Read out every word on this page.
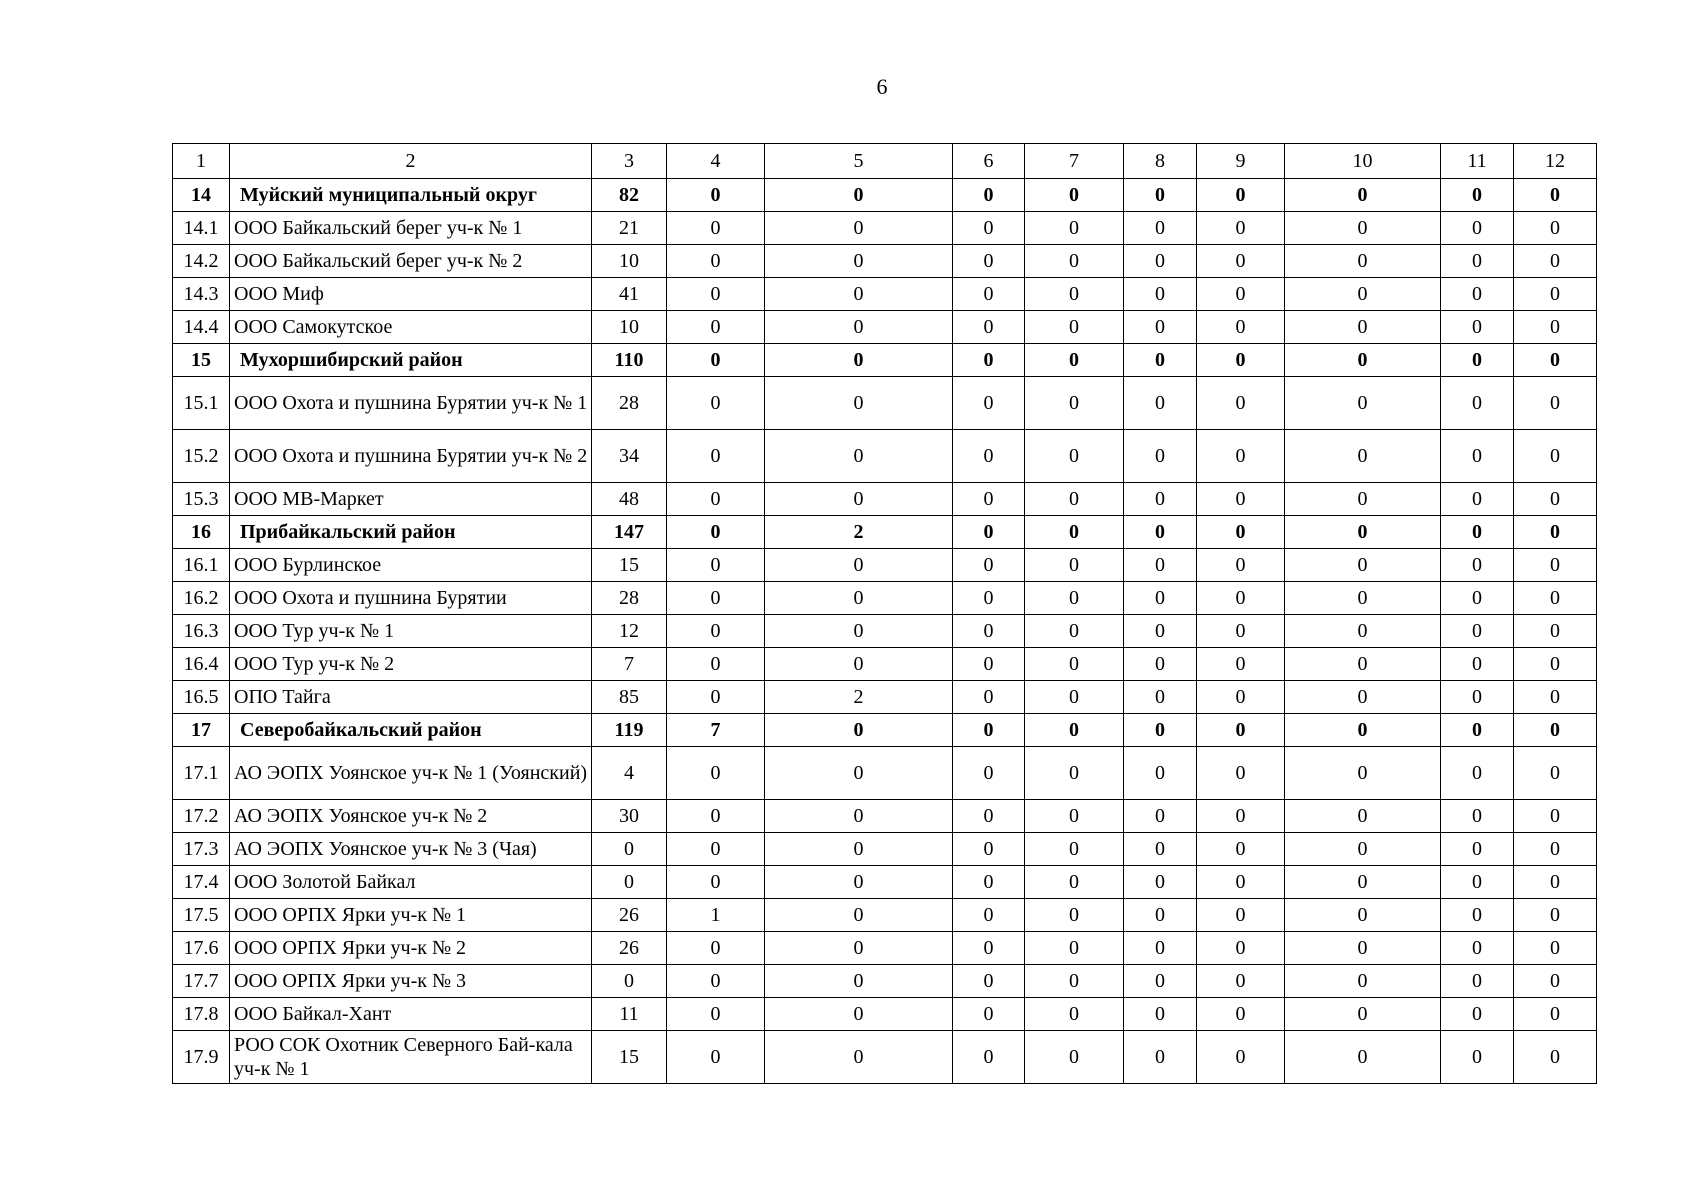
6
1	2	3	4	5	6	7	8	9	10	11	12
14	Муйский муниципальный округ	82	0	0	0	0	0	0	0	0	0
14.1	ООО Байкальский берег уч-к № 1	21	0	0	0	0	0	0	0	0	0
14.2	ООО Байкальский берег уч-к № 2	10	0	0	0	0	0	0	0	0	0
14.3	ООО Миф	41	0	0	0	0	0	0	0	0	0
14.4	ООО Самокутское	10	0	0	0	0	0	0	0	0	0
15	Мухоршибирский район	110	0	0	0	0	0	0	0	0	0
15.1	ООО Охота и пушнина Бурятии уч-к № 1	28	0	0	0	0	0	0	0	0	0
15.2	ООО Охота и пушнина Бурятии уч-к № 2	34	0	0	0	0	0	0	0	0	0
15.3	ООО МВ-Маркет	48	0	0	0	0	0	0	0	0	0
16	Прибайкальский район	147	0	2	0	0	0	0	0	0	0
16.1	ООО Бурлинское	15	0	0	0	0	0	0	0	0	0
16.2	ООО Охота и пушнина Бурятии	28	0	0	0	0	0	0	0	0	0
16.3	ООО Тур уч-к № 1	12	0	0	0	0	0	0	0	0	0
16.4	ООО Тур уч-к № 2	7	0	0	0	0	0	0	0	0	0
16.5	ОПО Тайга	85	0	2	0	0	0	0	0	0	0
17	Северобайкальский район	119	7	0	0	0	0	0	0	0	0
17.1	АО ЭОПХ Уоянское уч-к № 1 (Уоянский)	4	0	0	0	0	0	0	0	0	0
17.2	АО ЭОПХ Уоянское уч-к № 2	30	0	0	0	0	0	0	0	0	0
17.3	АО ЭОПХ Уоянское уч-к № 3 (Чая)	0	0	0	0	0	0	0	0	0	0
17.4	ООО Золотой Байкал	0	0	0	0	0	0	0	0	0	0
17.5	ООО ОРПХ Ярки уч-к № 1	26	1	0	0	0	0	0	0	0	0
17.6	ООО ОРПХ Ярки уч-к № 2	26	0	0	0	0	0	0	0	0	0
17.7	ООО ОРПХ Ярки уч-к № 3	0	0	0	0	0	0	0	0	0	0
17.8	ООО Байкал-Хант	11	0	0	0	0	0	0	0	0	0
17.9	РОО СОК Охотник Северного Бай-кала уч-к № 1	15	0	0	0	0	0	0	0	0	0
